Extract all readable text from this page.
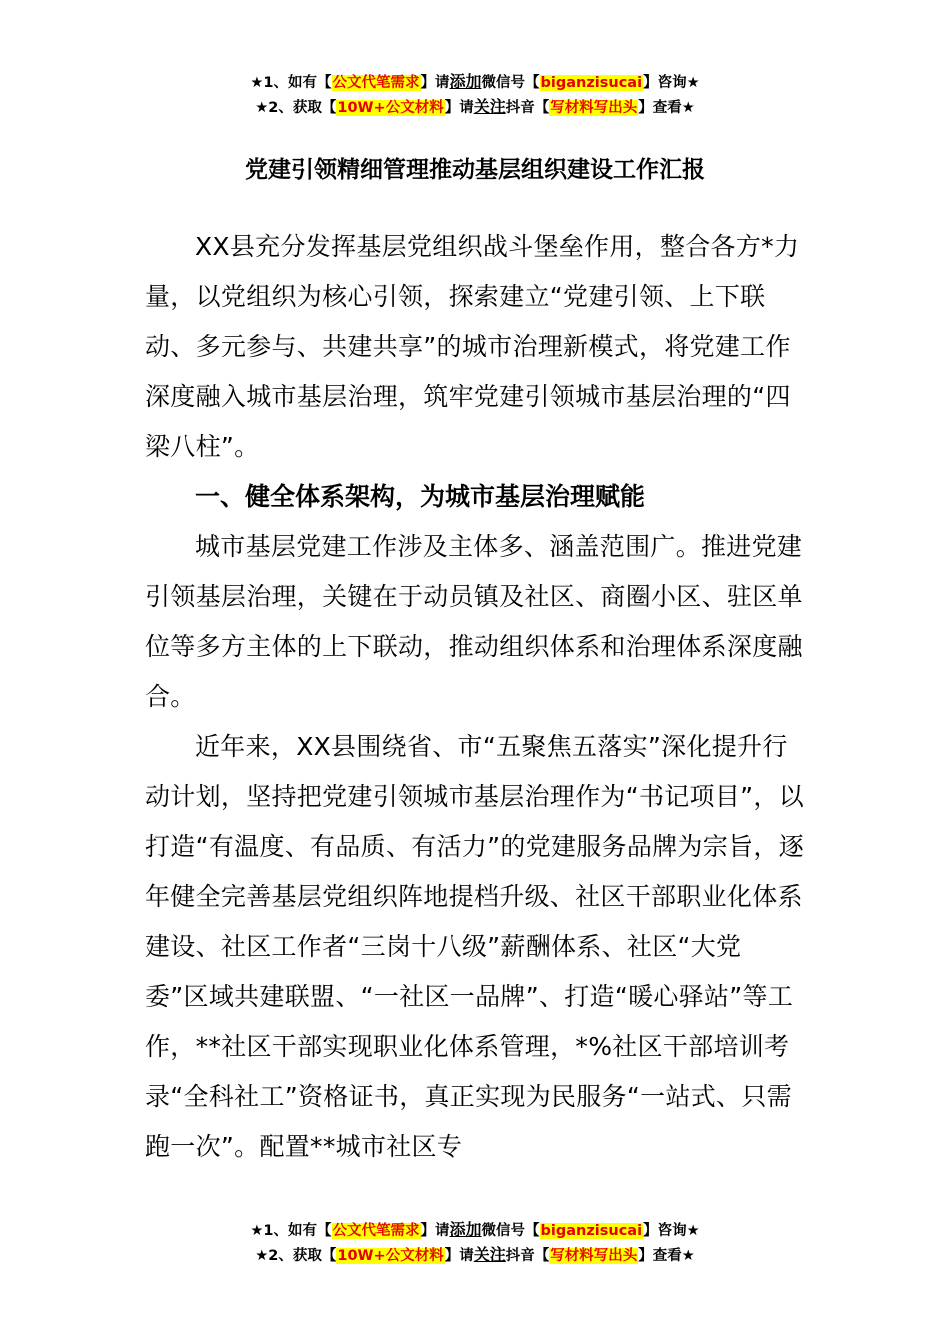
★1、如有【公文代笔需求】请添加微信号【biganzisucai】咨询★
★2、获取【10W+公文材料】请关注抖音【写材料写出头】查看★
党建引领精细管理推动基层组织建设工作汇报

XX县充分发挥基层党组织战斗堡垒作用，整合各方*力量，以党组织为核心引领，探索建立“党建引领、上下联动、多元参与、共建共享”的城市治理新模式，将党建工作深度融入城市基层治理，筑牢党建引领城市基层治理的“四梁八柱”。

一、健全体系架构，为城市基层治理赋能

城市基层党建工作涉及主体多、涵盖范围广。推进党建引领基层治理，关键在于动员镇及社区、商圈小区、驻区单位等多方主体的上下联动，推动组织体系和治理体系深度融合。

近年来，XX县围绕省、市“五聚焦五落实”深化提升行动计划，坚持把党建引领城市基层治理作为“书记项目”，以打造“有温度、有品质、有活力”的党建服务品牌为宗旨，逐年健全完善基层党组织阵地提档升级、社区干部职业化体系建设、社区工作者“三岗十八级”薪酬体系、社区“大党委”区域共建联盟、“一社区一品牌”、打造“暖心驿站”等工作，**社区干部实现职业化体系管理，*%社区干部培训考录“全科社工”资格证书，真正实现为民服务“一站式、只需跑一次”。配置**城市社区专

★1、如有【公文代笔需求】请添加微信号【biganzisucai】咨询★
★2、获取【10W+公文材料】请关注抖音【写材料写出头】查看★
